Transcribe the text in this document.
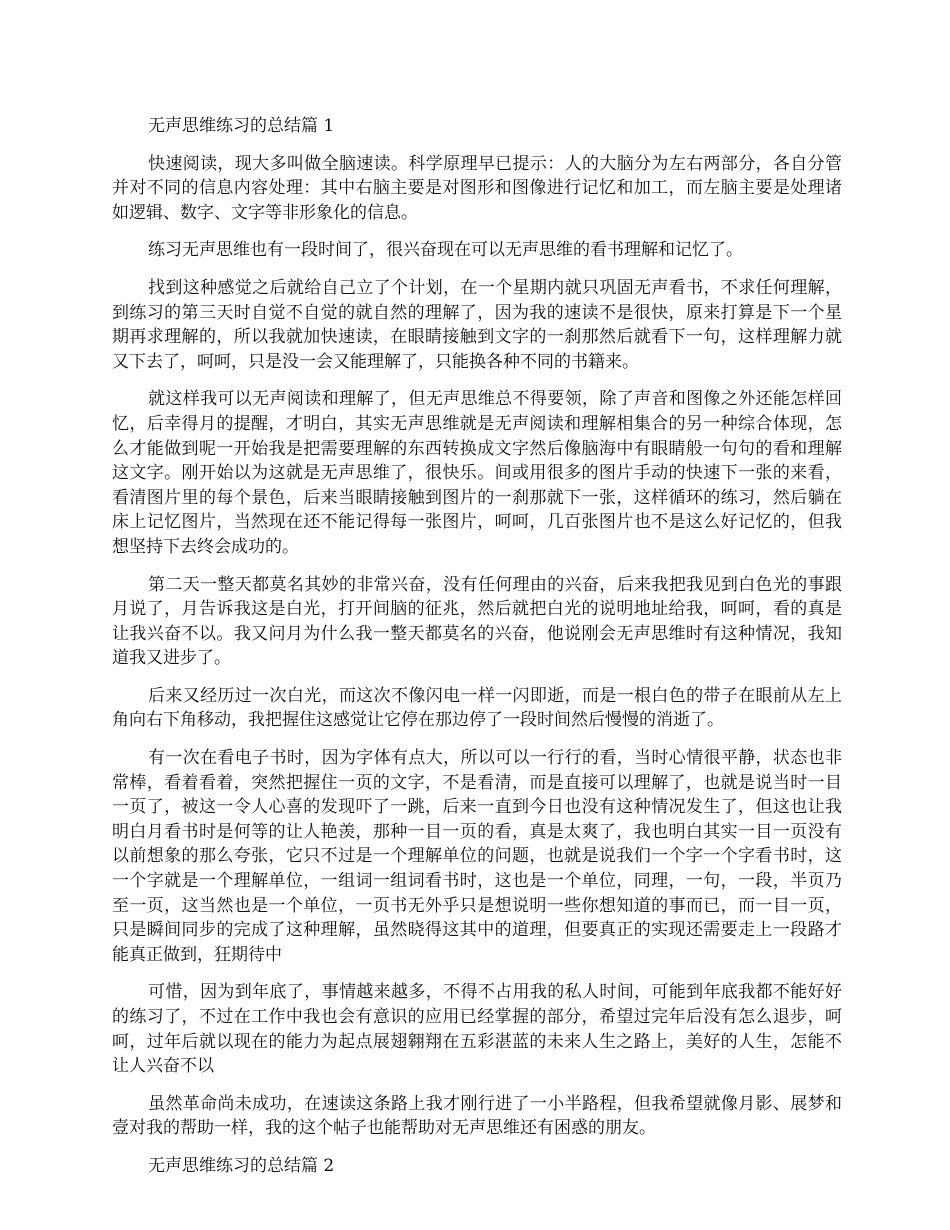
无声思维练习的总结篇 1

快速阅读，现大多叫做全脑速读。科学原理早已提示：人的大脑分为左右两部分，各自分管并对不同的信息内容处理：其中右脑主要是对图形和图像进行记忆和加工，而左脑主要是处理诸如逻辑、数字、文字等非形象化的信息。

练习无声思维也有一段时间了，很兴奋现在可以无声思维的看书理解和记忆了。

找到这种感觉之后就给自己立了个计划，在一个星期内就只巩固无声看书，不求任何理解，到练习的第三天时自觉不自觉的就自然的理解了，因为我的速读不是很快，原来打算是下一个星期再求理解的，所以我就加快速读，在眼睛接触到文字的一刹那然后就看下一句，这样理解力就又下去了，呵呵，只是没一会又能理解了，只能换各种不同的书籍来。

就这样我可以无声阅读和理解了，但无声思维总不得要领，除了声音和图像之外还能怎样回忆，后幸得月的提醒，才明白，其实无声思维就是无声阅读和理解相集合的另一种综合体现，怎么才能做到呢一开始我是把需要理解的东西转换成文字然后像脑海中有眼睛般一句句的看和理解这文字。刚开始以为这就是无声思维了，很快乐。间或用很多的图片手动的快速下一张的来看，看清图片里的每个景色，后来当眼睛接触到图片的一刹那就下一张，这样循环的练习，然后躺在床上记忆图片，当然现在还不能记得每一张图片，呵呵，几百张图片也不是这么好记忆的，但我想坚持下去终会成功的。

第二天一整天都莫名其妙的非常兴奋，没有任何理由的兴奋，后来我把我见到白色光的事跟月说了，月告诉我这是白光，打开间脑的征兆，然后就把白光的说明地址给我，呵呵，看的真是让我兴奋不以。我又问月为什么我一整天都莫名的兴奋，他说刚会无声思维时有这种情况，我知道我又进步了。

后来又经历过一次白光，而这次不像闪电一样一闪即逝，而是一根白色的带子在眼前从左上角向右下角移动，我把握住这感觉让它停在那边停了一段时间然后慢慢的消逝了。

有一次在看电子书时，因为字体有点大，所以可以一行行的看，当时心情很平静，状态也非常棒，看着看着，突然把握住一页的文字，不是看清，而是直接可以理解了，也就是说当时一目一页了，被这一令人心喜的发现吓了一跳，后来一直到今日也没有这种情况发生了，但这也让我明白月看书时是何等的让人艳羡，那种一目一页的看，真是太爽了，我也明白其实一目一页没有以前想象的那么夸张，它只不过是一个理解单位的问题，也就是说我们一个字一个字看书时，这一个字就是一个理解单位，一组词一组词看书时，这也是一个单位，同理，一句，一段，半页乃至一页，这当然也是一个单位，一页书无外乎只是想说明一些你想知道的事而已，而一目一页，只是瞬间同步的完成了这种理解，虽然晓得这其中的道理，但要真正的实现还需要走上一段路才能真正做到，狂期待中

可惜，因为到年底了，事情越来越多，不得不占用我的私人时间，可能到年底我都不能好好的练习了，不过在工作中我也会有意识的应用已经掌握的部分，希望过完年后没有怎么退步，呵呵，过年后就以现在的能力为起点展翅翱翔在五彩湛蓝的未来人生之路上，美好的人生，怎能不让人兴奋不以

虽然革命尚未成功，在速读这条路上我才刚行进了一小半路程，但我希望就像月影、展梦和壹对我的帮助一样，我的这个帖子也能帮助对无声思维还有困惑的朋友。

无声思维练习的总结篇 2
